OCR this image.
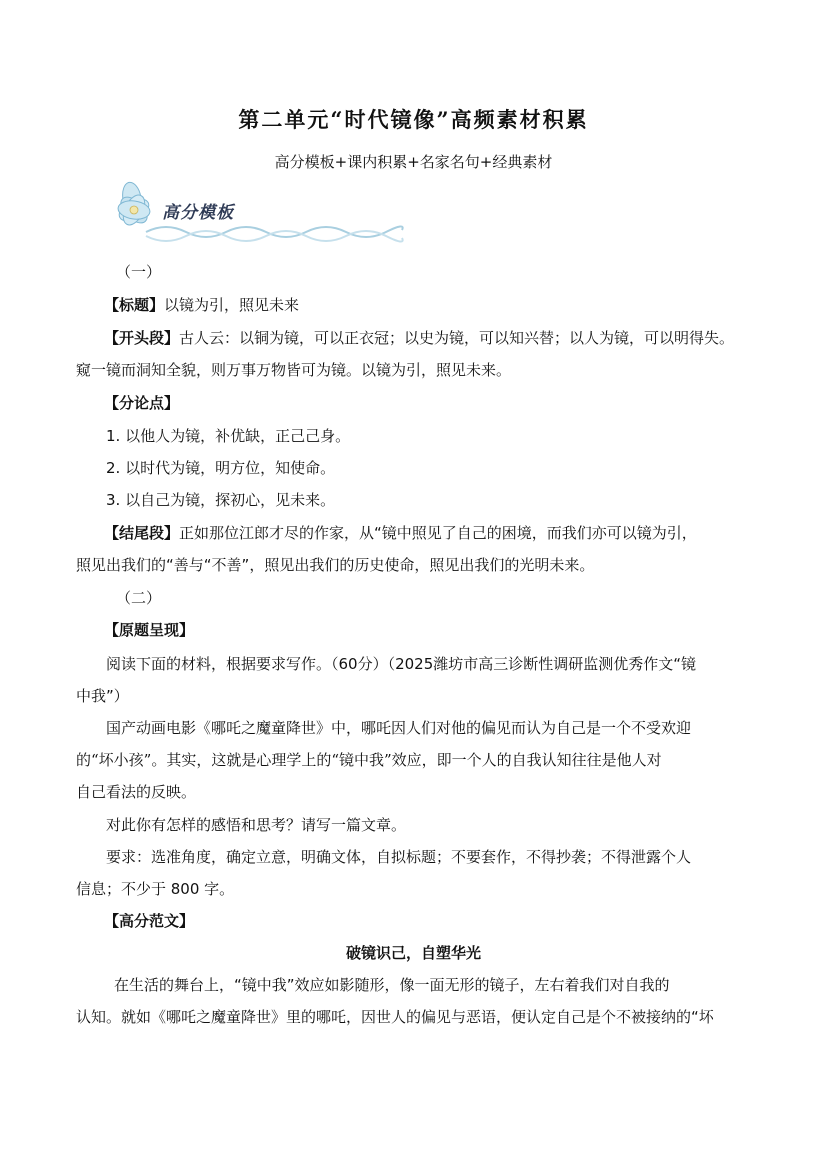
第二单元“时代镜像”高频素材积累
高分模板+课内积累+名家名句+经典素材
高分模板
（一）
【标题】以镜为引，照见未来
【开头段】古人云：以铜为镜，可以正衣冠；以史为镜，可以知兴替；以人为镜，可以明得失。
窥一镜而洞知全貌，则万事万物皆可为镜。以镜为引，照见未来。
【分论点】
1. 以他人为镜，补优缺，正己己身。
2. 以时代为镜，明方位，知使命。
3. 以自己为镜，探初心，见未来。
【结尾段】正如那位江郎才尽的作家，从“镜中照见了自己的困境，而我们亦可以镜为引，
照见出我们的“善与“不善”，照见出我们的历史使命，照见出我们的光明未来。
（二）
【原题呈现】
阅读下面的材料，根据要求写作。（60分）（2025潍坊市高三诊断性调研监测优秀作文“镜
中我”）
国产动画电影《哪吒之魔童降世》中，哪吒因人们对他的偏见而认为自己是一个不受欢迎
的“坏小孩”。其实，这就是心理学上的“镜中我”效应，即一个人的自我认知往往是他人对
自己看法的反映。
对此你有怎样的感悟和思考？请写一篇文章。
要求：选准角度，确定立意，明确文体，自拟标题；不要套作，不得抄袭；不得泄露个人
信息；不少于 800 字。
【高分范文】
破镜识己，自塑华光
在生活的舞台上，“镜中我”效应如影随形，像一面无形的镜子，左右着我们对自我的
认知。就如《哪吒之魔童降世》里的哪吒，因世人的偏见与恶语，便认定自己是个不被接纳的“坏
